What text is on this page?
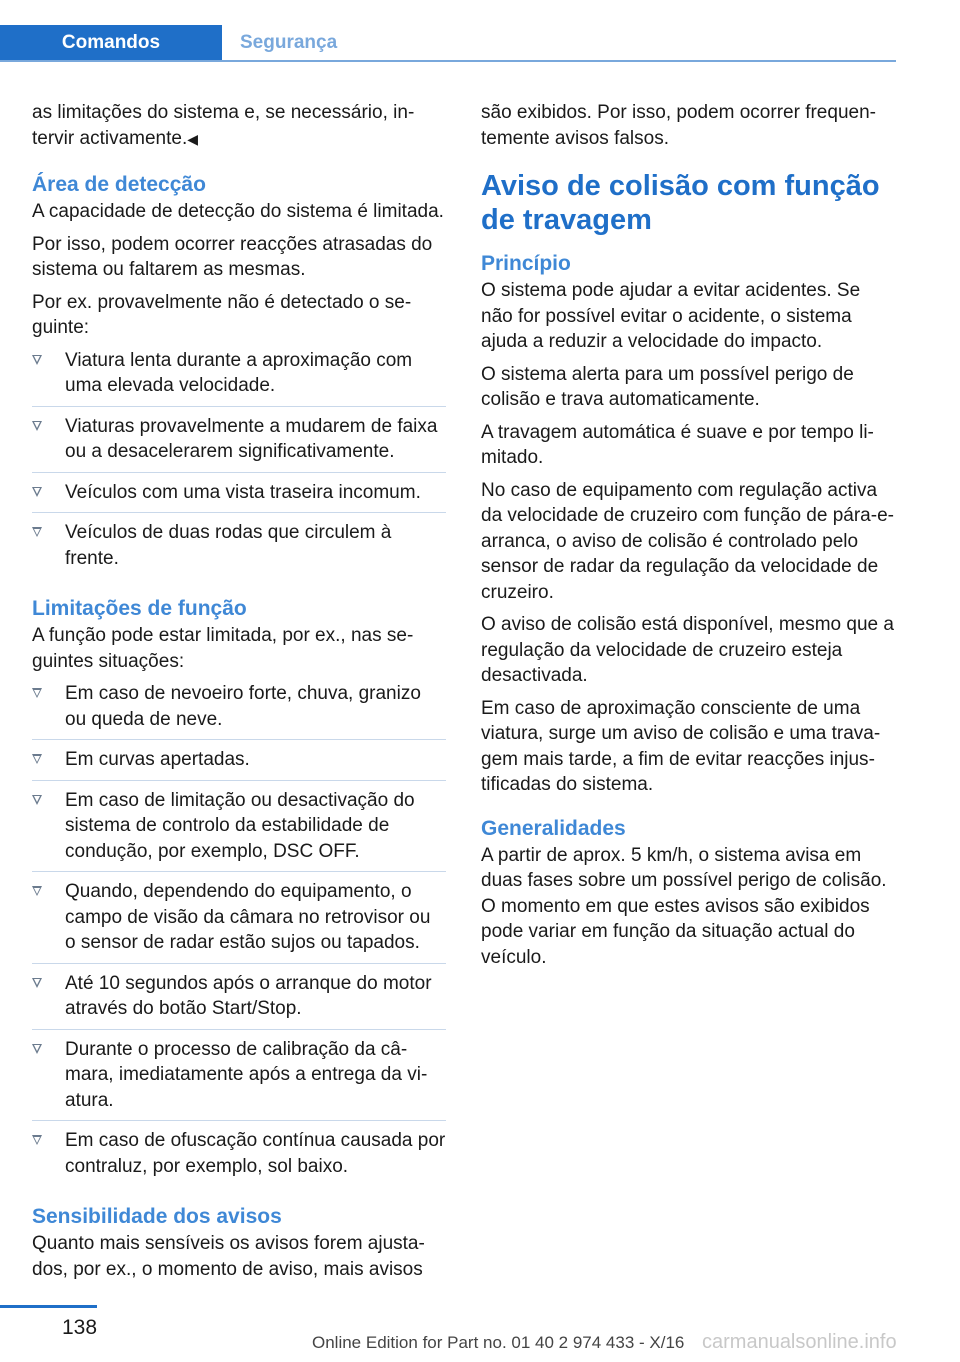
Comandos	Segurança

as limitações do sistema e, se necessário, intervir activamente.◀

Área de detecção

A capacidade de detecção do sistema é limitada.

Por isso, podem ocorrer reacções atrasadas do sistema ou faltarem as mesmas.

Por ex. provavelmente não é detectado o seguinte:

Viatura lenta durante a aproximação com uma elevada velocidade.
Viaturas provavelmente a mudarem de faixa ou a desacelerarem significativamente.
Veículos com uma vista traseira incomum.
Veículos de duas rodas que circulem à frente.
Limitações de função

A função pode estar limitada, por ex., nas seguintes situações:

Em caso de nevoeiro forte, chuva, granizo ou queda de neve.
Em curvas apertadas.
Em caso de limitação ou desactivação do sistema de controlo da estabilidade de condução, por exemplo, DSC OFF.
Quando, dependendo do equipamento, o campo de visão da câmara no retrovisor ou o sensor de radar estão sujos ou tapados.
Até 10 segundos após o arranque do motor através do botão Start/Stop.
Durante o processo de calibração da câmara, imediatamente após a entrega da viatura.
Em caso de ofuscação contínua causada por contraluz, por exemplo, sol baixo.
Sensibilidade dos avisos

Quanto mais sensíveis os avisos forem ajustados, por ex., o momento de aviso, mais avisos

são exibidos. Por isso, podem ocorrer frequentemente avisos falsos.

Aviso de colisão com função de travagem
Princípio

O sistema pode ajudar a evitar acidentes. Se não for possível evitar o acidente, o sistema ajuda a reduzir a velocidade do impacto.

O sistema alerta para um possível perigo de colisão e trava automaticamente.

A travagem automática é suave e por tempo limitado.

No caso de equipamento com regulação activa da velocidade de cruzeiro com função de pára-e-arranca, o aviso de colisão é controlado pelo sensor de radar da regulação da velocidade de cruzeiro.

O aviso de colisão está disponível, mesmo que a regulação da velocidade de cruzeiro esteja desactivada.

Em caso de aproximação consciente de uma viatura, surge um aviso de colisão e uma travagem mais tarde, a fim de evitar reacções injustificadas do sistema.

Generalidades

A partir de aprox. 5 km/h, o sistema avisa em duas fases sobre um possível perigo de colisão. O momento em que estes avisos são exibidos pode variar em função da situação actual do veículo.

138
Online Edition for Part no. 01 40 2 974 433 - X/16 carmanualsonline.info
